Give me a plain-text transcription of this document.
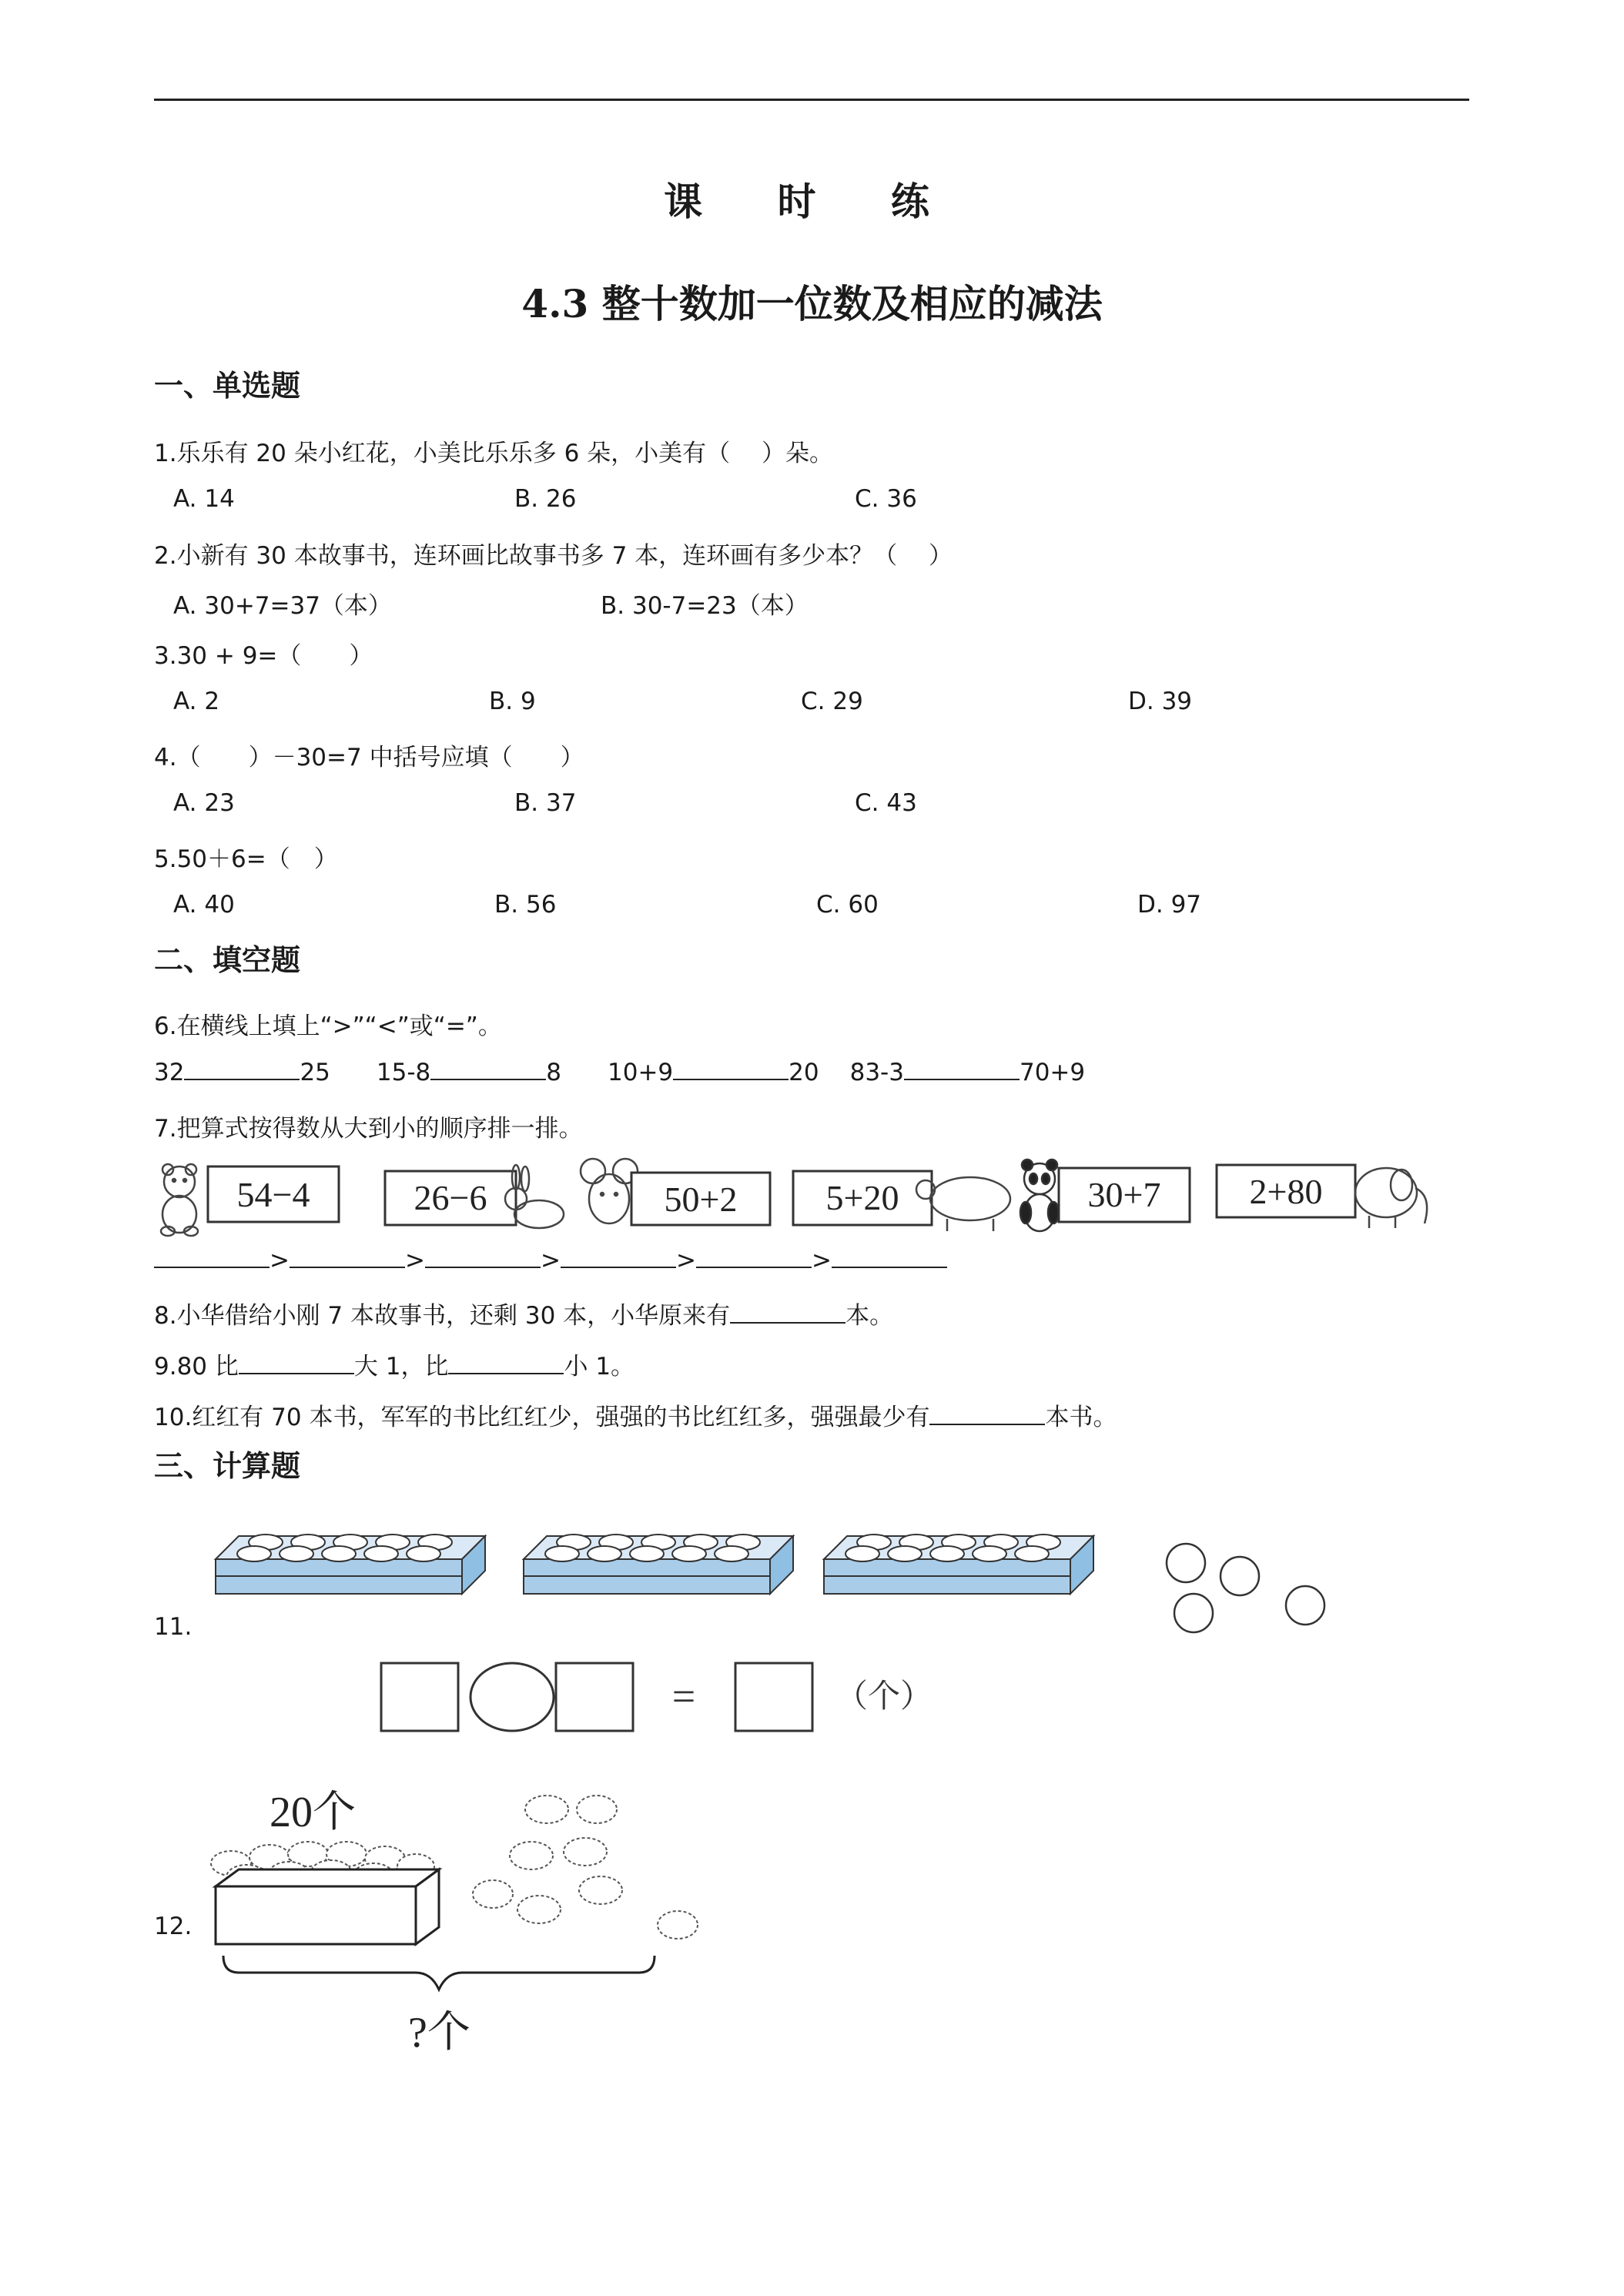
课 时 练
4.3 整十数加一位数及相应的减法
一、单选题
1.乐乐有 20 朵小红花，小美比乐乐多 6 朵，小美有（　 ）朵。
A. 14	B. 26	C. 36
2.小新有 30 本故事书，连环画比故事书多 7 本，连环画有多少本？（　 ）
A. 30+7=37（本）	B. 30-7=23（本）
3.30 + 9=（　　）
A. 2	B. 9	C. 29	D. 39
4.（　　）－30=7 中括号应填（　　）
A. 23	B. 37	C. 43
5.50＋6=（　）
A. 40	B. 56	C. 60	D. 97
二、填空题
6.在横线上填上“>”“<”或“=”。
32	25 15-8	8 10+9	20 83-3	70+9
7.把算式按得数从大到小的顺序排一排。
54−4	26−6	50+2	5+20	30+7	2+80
>	>	>	>	>
8.小华借给小刚 7 本故事书，还剩 30 本，小华原来有	本。
9.80 比	大 1，比	小 1。
10.红红有 70 本书，军军的书比红红少，强强的书比红红多，强强最少有	本书。
三、计算题
11.
=	（个）
12.
20个
?个
